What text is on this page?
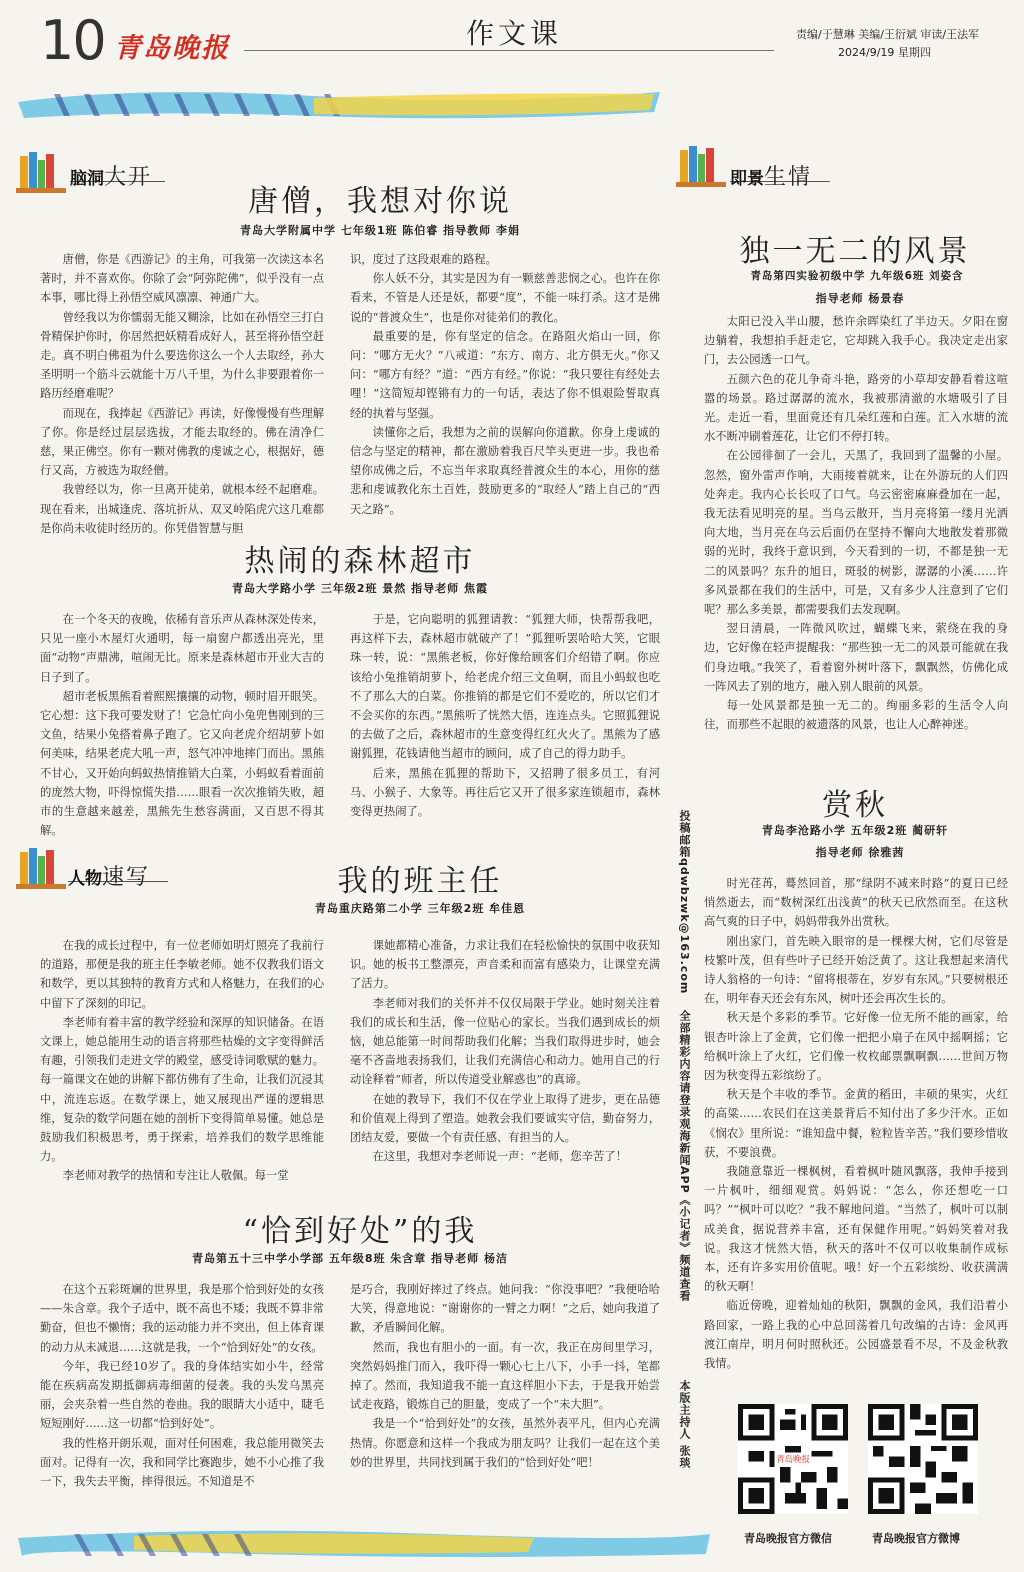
10 青岛晚报	作文课	责编/于慧琳 美编/王衍斌 审读/王法军
2024/9/19 星期四
脑洞大开
唐僧，我想对你说
青岛大学附属中学 七年级1班 陈伯睿 指导教师 李娟

唐僧，你是《西游记》的主角，可我第一次读这本名著时，并不喜欢你。你除了会“阿弥陀佛”，似乎没有一点本事，哪比得上孙悟空威风凛凛、神通广大。

曾经我以为你懦弱无能又糊涂，比如在孙悟空三打白骨精保护你时，你居然把妖精看成好人，甚至将孙悟空赶走。真不明白佛祖为什么要选你这么一个人去取经，孙大圣明明一个筋斗云就能十万八千里，为什么非要跟着你一路历经磨难呢？

而现在，我捧起《西游记》再读，好像慢慢有些理解了你。你是经过层层选拔，才能去取经的。佛在清净仁慈，果正佛空。你有一颗对佛教的虔诚之心，根据好，德行又高，方被选为取经僧。

我曾经以为，你一旦离开徒弟，就根本经不起磨难。现在看来，出城逢虎、落坑折从、双叉岭陷虎穴这几难都是你尚未收徒时经历的。你凭借智慧与胆

识，度过了这段艰难的路程。

你人妖不分，其实是因为有一颗慈善悲悯之心。也许在你看来，不管是人还是妖，都要“度”，不能一味打杀。这才是佛说的“普渡众生”，也是你对徒弟们的教化。

最重要的是，你有坚定的信念。在路阻火焰山一回，你问：“哪方无火？”八戒道：“东方、南方、北方俱无火。”你又问：“哪方有经？”道：“西方有经。”你说：“我只要往有经处去哩！”这简短却铿锵有力的一句话，表达了你不惧艰险誓取真经的执着与坚强。

读懂你之后，我想为之前的误解向你道歉。你身上虔诚的信念与坚定的精神，都在激励着我百尺竿头更进一步。我也希望你成佛之后，不忘当年求取真经普渡众生的本心，用你的慈悲和虔诚教化东土百姓，鼓励更多的“取经人”踏上自己的“西天之路”。

热闹的森林超市
青岛大学路小学 三年级2班 景然 指导老师 焦霞

在一个冬天的夜晚，依稀有音乐声从森林深处传来，只见一座小木屋灯火通明，每一扇窗户都透出亮光，里面“动物”声鼎沸，喧闹无比。原来是森林超市开业大吉的日子到了。

超市老板黑熊看着熙熙攘攘的动物，顿时眉开眼笑。它心想：这下我可要发财了！它急忙向小兔兜售刚到的三文鱼，结果小兔搭着鼻子跑了。它又向老虎介绍胡萝卜如何美味，结果老虎大吼一声，怒气冲冲地摔门而出。黑熊不甘心，又开始向蚂蚁热情推销大白菜，小蚂蚁看着面前的庞然大物，吓得惊慌失措……眼看一次次推销失败，超市的生意越来越差，黑熊先生愁容满面，又百思不得其解。

于是，它向聪明的狐狸请教：“狐狸大师，快帮帮我吧，再这样下去，森林超市就破产了！”狐狸听罢哈哈大笑，它眼珠一转，说：“黑熊老板，你好像给顾客们介绍错了啊。你应该给小兔推销胡萝卜，给老虎介绍三文鱼啊，而且小蚂蚁也吃不了那么大的白菜。你推销的都是它们不爱吃的，所以它们才不会买你的东西。”黑熊听了恍然大悟，连连点头。它照狐狸说的去做了之后，森林超市的生意变得红红火火了。黑熊为了感谢狐狸，花钱请他当超市的顾问，成了自己的得力助手。

后来，黑熊在狐狸的帮助下，又招聘了很多员工，有河马、小猴子、大象等。再往后它又开了很多家连锁超市，森林变得更热闹了。

人物速写	我的班主任
青岛重庆路第二小学 三年级2班 牟佳恩

在我的成长过程中，有一位老师如明灯照亮了我前行的道路，那便是我的班主任李敏老师。她不仅教我们语文和数学，更以其独特的教育方式和人格魅力，在我们的心中留下了深刻的印记。

李老师有着丰富的教学经验和深厚的知识储备。在语文课上，她总能用生动的语言将那些枯燥的文字变得鲜活有趣，引领我们走进文学的殿堂，感受诗词歌赋的魅力。每一篇课文在她的讲解下都仿佛有了生命，让我们沉浸其中，流连忘返。在数学课上，她又展现出严谨的逻辑思维，复杂的数学问题在她的剖析下变得简单易懂。她总是鼓励我们积极思考，勇于探索，培养我们的数学思维能力。

李老师对教学的热情和专注让人敬佩。每一堂

课她都精心准备，力求让我们在轻松愉快的氛围中收获知识。她的板书工整漂亮，声音柔和而富有感染力，让课堂充满了活力。

李老师对我们的关怀并不仅仅局限于学业。她时刻关注着我们的成长和生活，像一位贴心的家长。当我们遇到成长的烦恼，她总能第一时间帮助我们化解；当我们取得进步时，她会毫不吝啬地表扬我们，让我们充满信心和动力。她用自己的行动诠释着“师者，所以传道受业解惑也”的真谛。

在她的教导下，我们不仅在学业上取得了进步，更在品德和价值观上得到了塑造。她教会我们要诚实守信，勤奋努力，团结友爱，要做一个有责任感、有担当的人。

在这里，我想对李老师说一声：“老师，您辛苦了！

“恰到好处”的我
青岛第五十三中学小学部 五年级8班 朱含章 指导老师 杨洁

在这个五彩斑斓的世界里，我是那个恰到好处的女孩——朱含章。我个子适中，既不高也不矮；我既不算非常勤奋，但也不懒惰；我的运动能力并不突出，但上体育课的动力从未减退……这就是我，一个“恰到好处”的女孩。

今年，我已经10岁了。我的身体结实如小牛，经常能在疾病高发期抵御病毒细菌的侵袭。我的头发乌黑亮丽，会夹杂着一些自然的卷曲。我的眼睛大小适中，睫毛短短刚好……这一切都“恰到好处”。

我的性格开朗乐观，面对任何困难，我总能用微笑去面对。记得有一次，我和同学比赛跑步，她不小心推了我一下，我失去平衡，摔得很远。不知道是不

是巧合，我刚好摔过了终点。她问我：“你没事吧？”我便哈哈大笑，得意地说：“谢谢你的一臂之力啊！”之后，她向我道了歉，矛盾瞬间化解。

然而，我也有胆小的一面。有一次，我正在房间里学习，突然妈妈推门而入，我吓得一颗心七上八下，小手一抖，笔都掉了。然而，我知道我不能一直这样胆小下去，于是我开始尝试走夜路，锻炼自己的胆量，变成了一个“未大胆”。

我是一个“恰到好处”的女孩，虽然外表平凡，但内心充满热情。你愿意和这样一个我成为朋友吗？让我们一起在这个美妙的世界里，共同找到属于我们的“恰到好处”吧！

投稿邮箱qdwbzwk@163.com
全部精彩内容请登录观海新闻APP《小记者》频道查看
本版主持人 张琰
即景生情
独一无二的风景
青岛第四实验初级中学 九年级6班 刘姿含
指导老师 杨景春

太阳已没入半山腰，愁许余晖染红了半边天。夕阳在窗边躺着，我想拍手赶走它，它却跳入我手心。我决定走出家门，去公园透一口气。

五颜六色的花儿争奇斗艳，路旁的小草却安静看着这喧嚣的场景。路过潺潺的流水，我被那清澈的水塘吸引了目光。走近一看，里面竟还有几朵红莲和白莲。汇入水塘的流水不断冲刷着莲花，让它们不停打转。

在公园徘徊了一会儿，天黑了，我回到了温馨的小屋。忽然，窗外雷声作响，大雨接着就来，让在外游玩的人们四处奔走。我内心长长叹了口气。乌云密密麻麻叠加在一起，我无法看见明亮的星。当乌云散开，当月亮将第一缕月光洒向大地，当月亮在乌云后面仍在坚持不懈向大地散发着那微弱的光时，我终于意识到，今天看到的一切，不都是独一无二的风景吗？东升的旭日，斑驳的树影，潺潺的小溪……许多风景都在我们的生活中，可是，又有多少人注意到了它们呢？那么多美景，都需要我们去发现啊。

翌日清晨，一阵微风吹过，蝴蝶飞来，萦绕在我的身边，它好像在轻声提醒我：“那些独一无二的风景可能就在我们身边哦。”我笑了，看着窗外树叶落下，飘飘然，仿佛化成一阵风去了别的地方，融入别人眼前的风景。

每一处风景都是独一无二的。绚丽多彩的生活令人向往，而那些不起眼的被遗落的风景，也让人心醉神迷。

赏秋
青岛李沧路小学 五年级2班 蔺研轩
指导老师 徐雅茜

时光荏苒，蓦然回首，那“绿阴不减来时路”的夏日已经悄然逝去，而“数树深红出浅黄”的秋天已欣然而至。在这秋高气爽的日子中，妈妈带我外出赏秋。

刚出家门，首先映入眼帘的是一棵棵大树，它们尽管是枝繁叶茂，但有些叶子已经开始泛黄了。这让我想起来清代诗人翁格的一句诗：“留将根蒂在，岁岁有东风。”只要树根还在，明年春天还会有东风，树叶还会再次生长的。

秋天是个多彩的季节。它好像一位无所不能的画家，给银杏叶涂上了金黄，它们像一把把小扇子在风中摇啊摇；它给枫叶涂上了火红，它们像一枚枚邮票飘啊飘……世间万物因为秋变得五彩缤纷了。

秋天是个丰收的季节。金黄的稻田，丰硕的果实，火红的高粱……农民们在这美景背后不知付出了多少汗水。正如《悯农》里所说：“谁知盘中餐，粒粒皆辛苦。”我们要珍惜收获，不要浪费。

我随意靠近一棵枫树，看着枫叶随风飘落，我伸手接到一片枫叶，细细观赏。妈妈说：“怎么，你还想吃一口吗？”“枫叶可以吃？”我不解地问道。“当然了，枫叶可以制成美食，据说营养丰富，还有保健作用呢。”妈妈笑着对我说。我这才恍然大悟，秋天的落叶不仅可以收集制作成标本，还有许多实用价值呢。哦！好一个五彩缤纷、收获满满的秋天啊！

临近傍晚，迎着灿灿的秋阳，飘飘的金风，我们沿着小路回家，一路上我的心中总回荡着几句改编的古诗：金风再渡江南岸，明月何时照秋还。公园盛景看不尽，不及金秋教我情。

青岛晚报
青岛晚报官方微信	青岛晚报官方微博
